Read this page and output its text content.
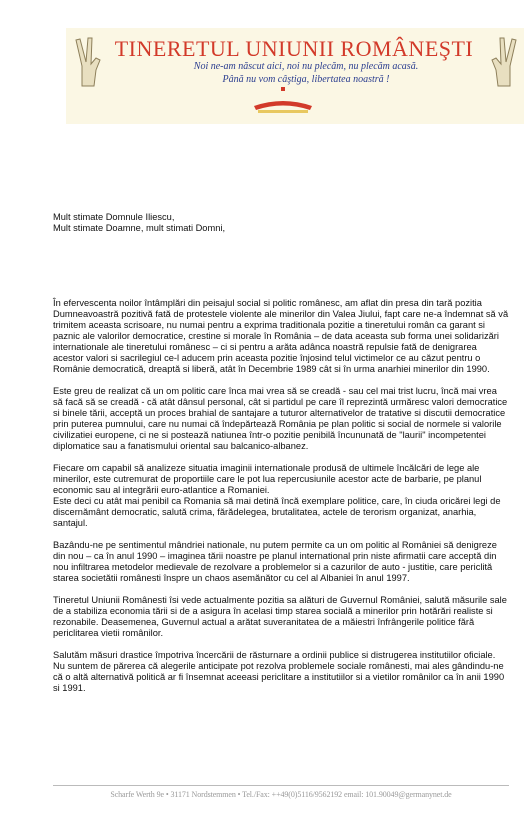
TINERETUL UNIUNII ROMÂNEŞTI
Noi ne-am născut aici, noi nu plecăm, nu plecăm acasă.
Până nu vom câştiga, libertatea noastră !
Mult stimate Domnule Iliescu,
Mult stimate Doamne, mult stimati Domni,

În efervescenta noilor întâmplări din peisajul social si politic românesc, am aflat din presa din tară pozitia Dumneavoastră pozitivă fată de protestele violente ale minerilor din Valea Jiului, fapt care ne-a îndemnat să vă trimitem aceasta scrisoare, nu numai pentru a exprima traditionala pozitie a tineretului român ca garant si paznic ale valorilor democratice, crestine si morale în România – de data aceasta sub forma unei solidarizări internationale ale tineretului românesc – ci si pentru a arăta adânca noastră repulsie fată de denigrarea acestor valori si sacrilegiul ce-l aducem prin aceasta pozitie înjosind telul victimelor ce au căzut pentru o Românie democratică, dreaptă si liberă, atât în Decembrie 1989 cât si în urma anarhiei minerilor din 1990.

Este greu de realizat că un om politic care înca mai vrea să se creadă - sau cel mai trist lucru, încă mai vrea să facă să se creadă - că atât dânsul personal, cât si partidul pe care îl reprezintă urmăresc valori democratice si binele tării, acceptă un proces brahial de santajare a tuturor alternativelor de tratative si discutii democratice prin puterea pumnului, care nu numai că îndepărtează România pe plan politic si social de normele si valorile civilizatiei europene, ci ne si postează natiunea într-o pozitie penibilă încununată de "laurii" incompetentei diplomatice sau a fanatismului oriental sau balcanico-albanez.

Fiecare om capabil să analizeze situatia imaginii internationale produsă de ultimele încălcări de lege ale minerilor, este cutremurat de proportiile care le pot lua repercusiunile acestor acte de barbarie, pe planul economic sau al integrării euro-atlantice a Romaniei.
Este deci cu atât mai penibil ca Romania să mai detină încă exemplare politice, care, în ciuda oricărei legi de discernământ democratic, salută crima, fărădelegea, brutalitatea, actele de terorism organizat, anarhia, santajul.

Bazându-ne pe sentimentul mândriei nationale, nu putem permite ca un om politic al României să denigreze din nou – ca în anul 1990 – imaginea tării noastre pe planul international prin niste afirmatii care acceptă din nou infiltrarea metodelor medievale de rezolvare a problemelor si a cazurilor de auto - justitie, care periclită starea societătii românesti înspre un chaos asemănător cu cel al Albaniei în anul 1997.

Tineretul Uniunii Românesti îsi vede actualmente pozitia sa alături de Guvernul României, salută măsurile sale de a stabiliza economia tării si de a asigura în acelasi timp starea socială a minerilor prin hotărări realiste si rezonabile. Deasemenea, Guvernul actual a arătat suveranitatea de a măiestri înfrângerile politice fără periclitarea vietii românilor.

Salutăm măsuri drastice împotriva încercării de răsturnare a ordinii publice si distrugerea institutiilor oficiale.
Nu suntem de părerea că alegerile anticipate pot rezolva problemele sociale românesti, mai ales gândindu-ne că o altă alternativă politică ar fi însemnat aceeasi periclitare a institutiilor si a vietilor românilor ca în anii 1990 si 1991.

Scharfe Werth 9e • 31171 Nordstemmen • Tel./Fax: ++49(0)5116/9562192 email: 101.90049@germanynet.de
